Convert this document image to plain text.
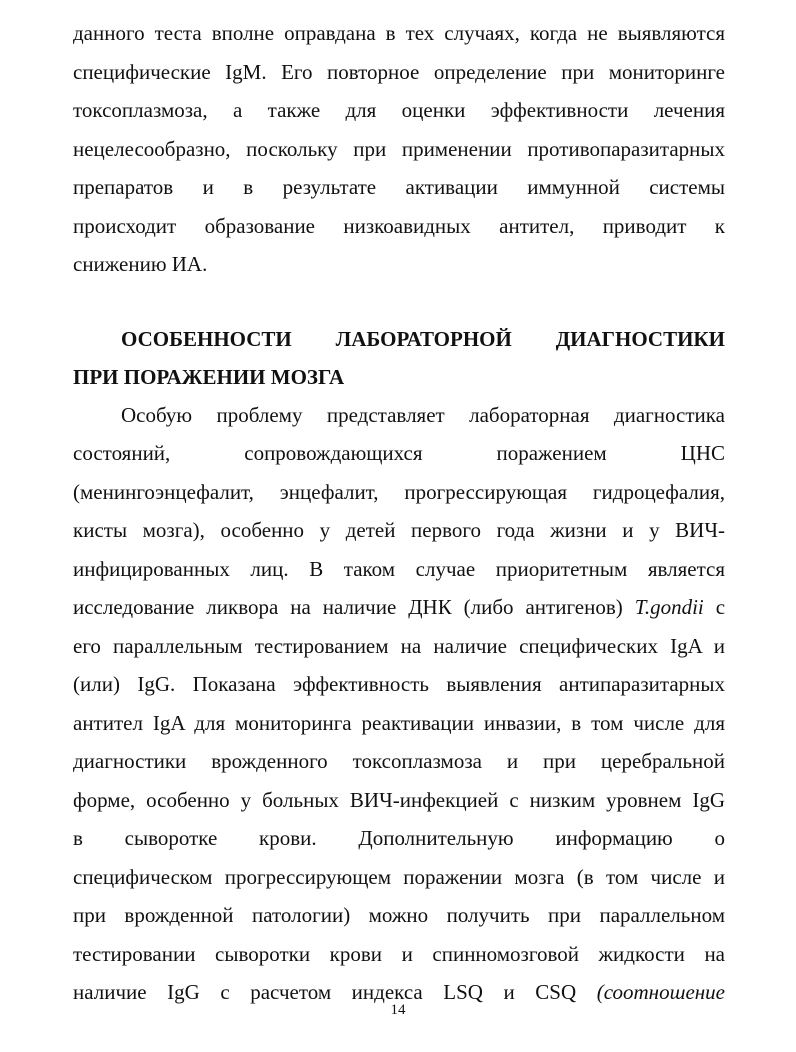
данного теста вполне оправдана в тех случаях, когда не выявляются
специфические IgM. Его повторное определение при мониторинге
токсоплазмоза, а также для оценки эффективности лечения
нецелесообразно, поскольку при применении противопаразитарных
препаратов и в результате активации иммунной системы
происходит образование низкоавидных антител, приводит к
снижению ИА.
ОСОБЕННОСТИ ЛАБОРАТОРНОЙ ДИАГНОСТИКИ
ПРИ ПОРАЖЕНИИ МОЗГА
Особую проблему представляет лабораторная диагностика
состояний, сопровождающихся поражением ЦНС
(менингоэнцефалит, энцефалит, прогрессирующая гидроцефалия,
кисты мозга), особенно у детей первого года жизни и у ВИЧ-
инфицированных лиц. В таком случае приоритетным является
исследование ликвора на наличие ДНК (либо антигенов) T.gondii с
его параллельным тестированием на наличие специфических IgA и
(или) IgG. Показана эффективность выявления антипаразитарных
антител IgA для мониторинга реактивации инвазии, в том числе для
диагностики врожденного токсоплазмоза и при церебральной
форме, особенно у больных ВИЧ-инфекцией с низким уровнем IgG
в сыворотке крови. Дополнительную информацию о
специфическом прогрессирующем поражении мозга (в том числе и
при врожденной патологии) можно получить при параллельном
тестировании сыворотки крови и спинномозговой жидкости на
наличие IgG с расчетом индекса LSQ и CSQ (соотношение
14
